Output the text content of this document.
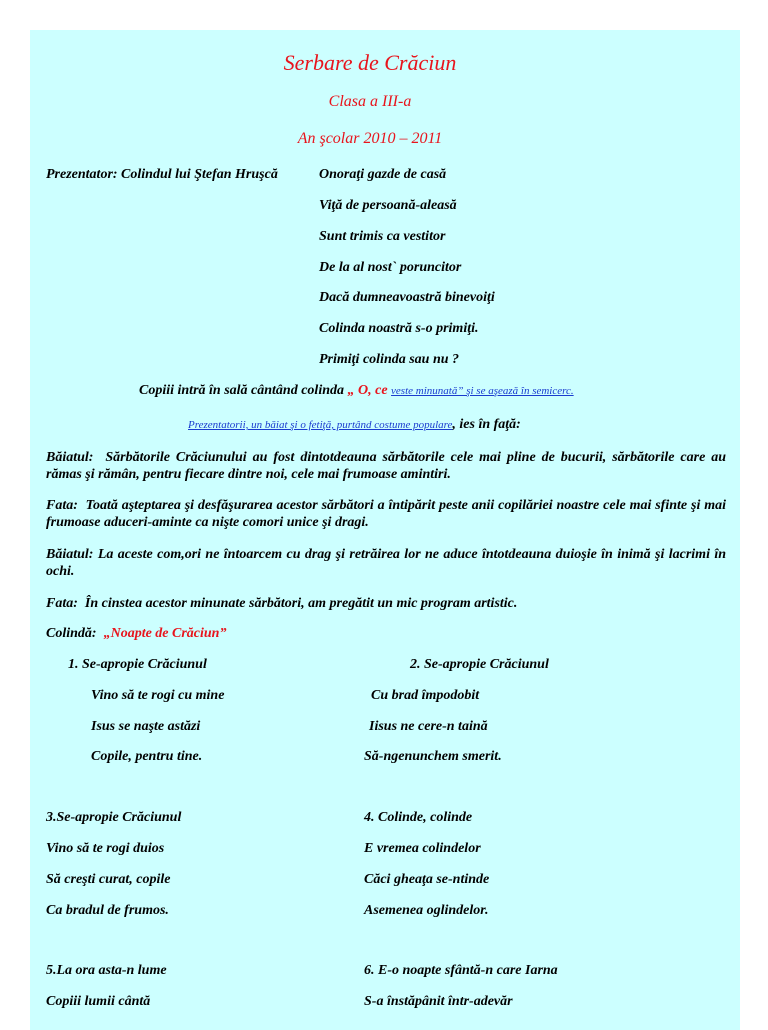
Serbare de Crăciun
Clasa a III-a
An şcolar 2010 – 2011
Prezentator: Colindul lui Ştefan Hruşcă	Onoraţi gazde de casă
Viţă de persoană-aleasă
Sunt trimis ca vestitor
De la al nost` poruncitor
Dacă dumneavoastră binevoiţi
Colinda noastră s-o primiţi.
Primiţi colinda sau nu ?
Copiii intră în sală cântând colinda „ O, ce veste minunată” şi se aşează în semicerc.
Prezentatorii, un băiat şi o fetiţă, purtând costume populare, ies în faţă:
Băiatul: Sărbătorile Crăciunului au fost dintotdeauna sărbătorile cele mai pline de bucurii, sărbătorile care au rămas şi rămân, pentru fiecare dintre noi, cele mai frumoase amintiri.
Fata: Toată aşteptarea şi desfăşurarea acestor sărbători a întipărit peste anii copilăriei noastre cele mai sfinte şi mai frumoase aduceri-aminte ca nişte comori unice şi dragi.
Băiatul: La aceste com,ori ne întoarcem cu drag şi retrăirea lor ne aduce întotdeauna duioşie în inimă şi lacrimi în ochi.
Fata: În cinstea acestor minunate sărbători, am pregătit un mic program artistic.
Colindă: „Noapte de Crăciun”
1. Se-apropie Crăciunul
Vino să te rogi cu mine
Isus se naşte astăzi
Copile, pentru tine.
2. Se-apropie Crăciunul
Cu brad împodobit
Iisus ne cere-n taină
Să-ngenunchem smerit.
3.Se-apropie Crăciunul
Vino să te rogi duios
Să creşti curat, copile
Ca bradul de frumos.
4. Colinde, colinde
E vremea colindelor
Căci gheaţa se-ntinde
Asemenea oglindelor.
5.La ora asta-n lume
Copiii lumii cântă
6. E-o noapte sfântă-n care Iarna
S-a înstăpânit într-adevăr
